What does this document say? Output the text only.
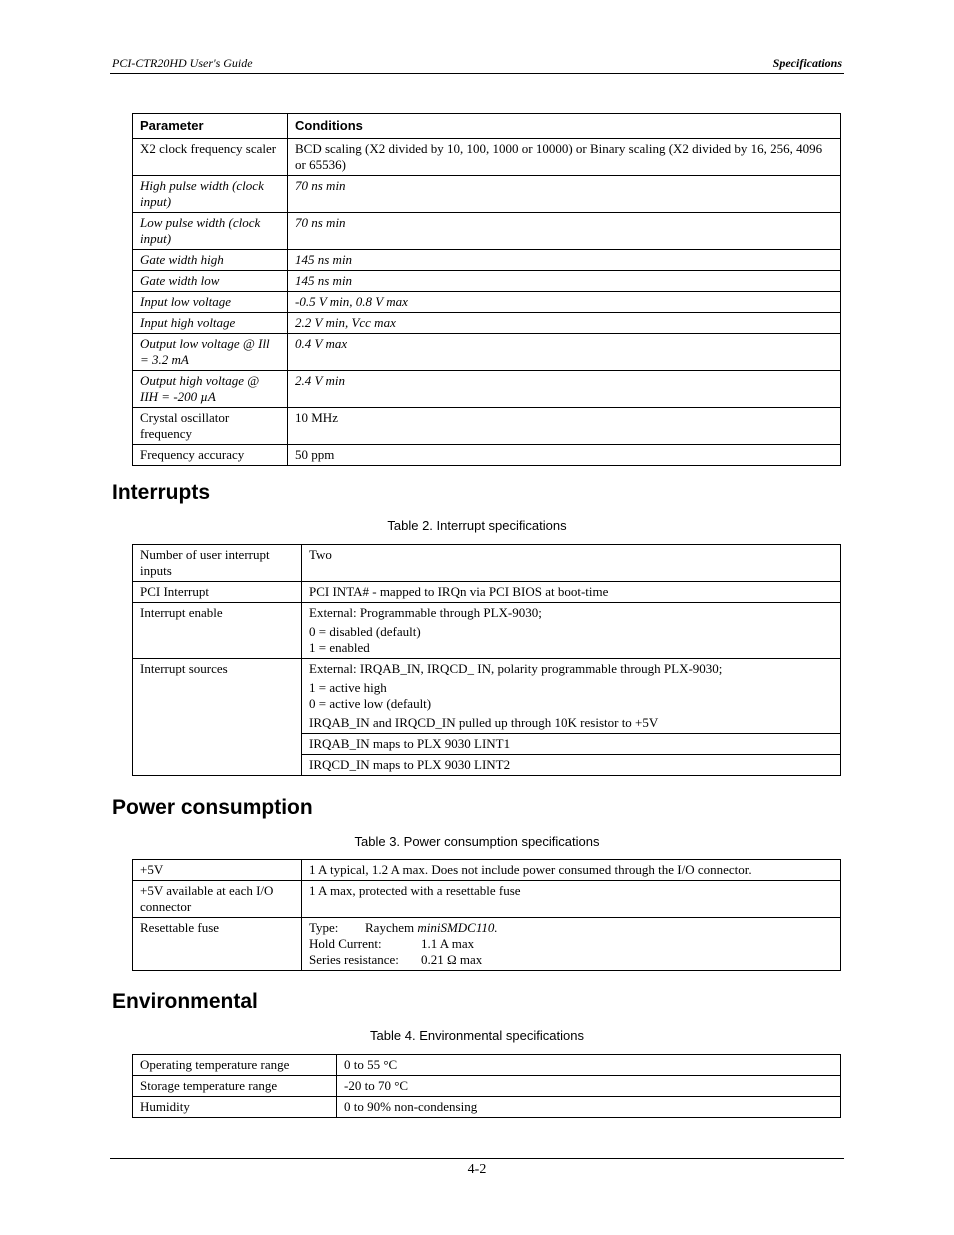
PCI-CTR20HD User's Guide	Specifications
Parameter	Conditions
X2 clock frequency scaler	BCD scaling (X2 divided by 10, 100, 1000 or 10000) or Binary scaling (X2 divided by 16, 256, 4096 or 65536)
High pulse width (clock input)	70 ns min
Low pulse width (clock input)	70 ns min
Gate width high	145 ns min
Gate width low	145 ns min
Input low voltage	-0.5 V min, 0.8 V max
Input high voltage	2.2 V min, Vcc max
Output low voltage @ Ill = 3.2 mA	0.4 V max
Output high voltage @ IIH = -200 µA	2.4 V min
Crystal oscillator frequency	10 MHz
Frequency accuracy	50 ppm
Interrupts
Table 2. Interrupt specifications
Number of user interrupt inputs	Two
PCI Interrupt	PCI INTA# - mapped to IRQn via PCI BIOS at boot-time
Interrupt enable	External: Programmable through PLX-9030;
0 = disabled (default)
1 = enabled

Interrupt sources	External: IRQAB_IN, IRQCD_ IN, polarity programmable through PLX-9030;
1 = active high
0 = active low (default)
IRQAB_IN and IRQCD_IN pulled up through 10K resistor to +5V

	IRQAB_IN maps to PLX 9030 LINT1
	IRQCD_IN maps to PLX 9030 LINT2
Power consumption
Table 3. Power consumption specifications
+5V	1 A typical, 1.2 A max. Does not include power consumed through the I/O connector.
+5V available at each I/O connector	1 A max, protected with a resettable fuse
Resettable fuse	Type: Raychem miniSMDC110.
Hold Current: 1.1 A max
Series resistance: 0.21 Ω max
Environmental
Table 4. Environmental specifications
Operating temperature range	0 to 55 °C
Storage temperature range	-20 to 70 °C
Humidity	0 to 90% non-condensing
4-2
